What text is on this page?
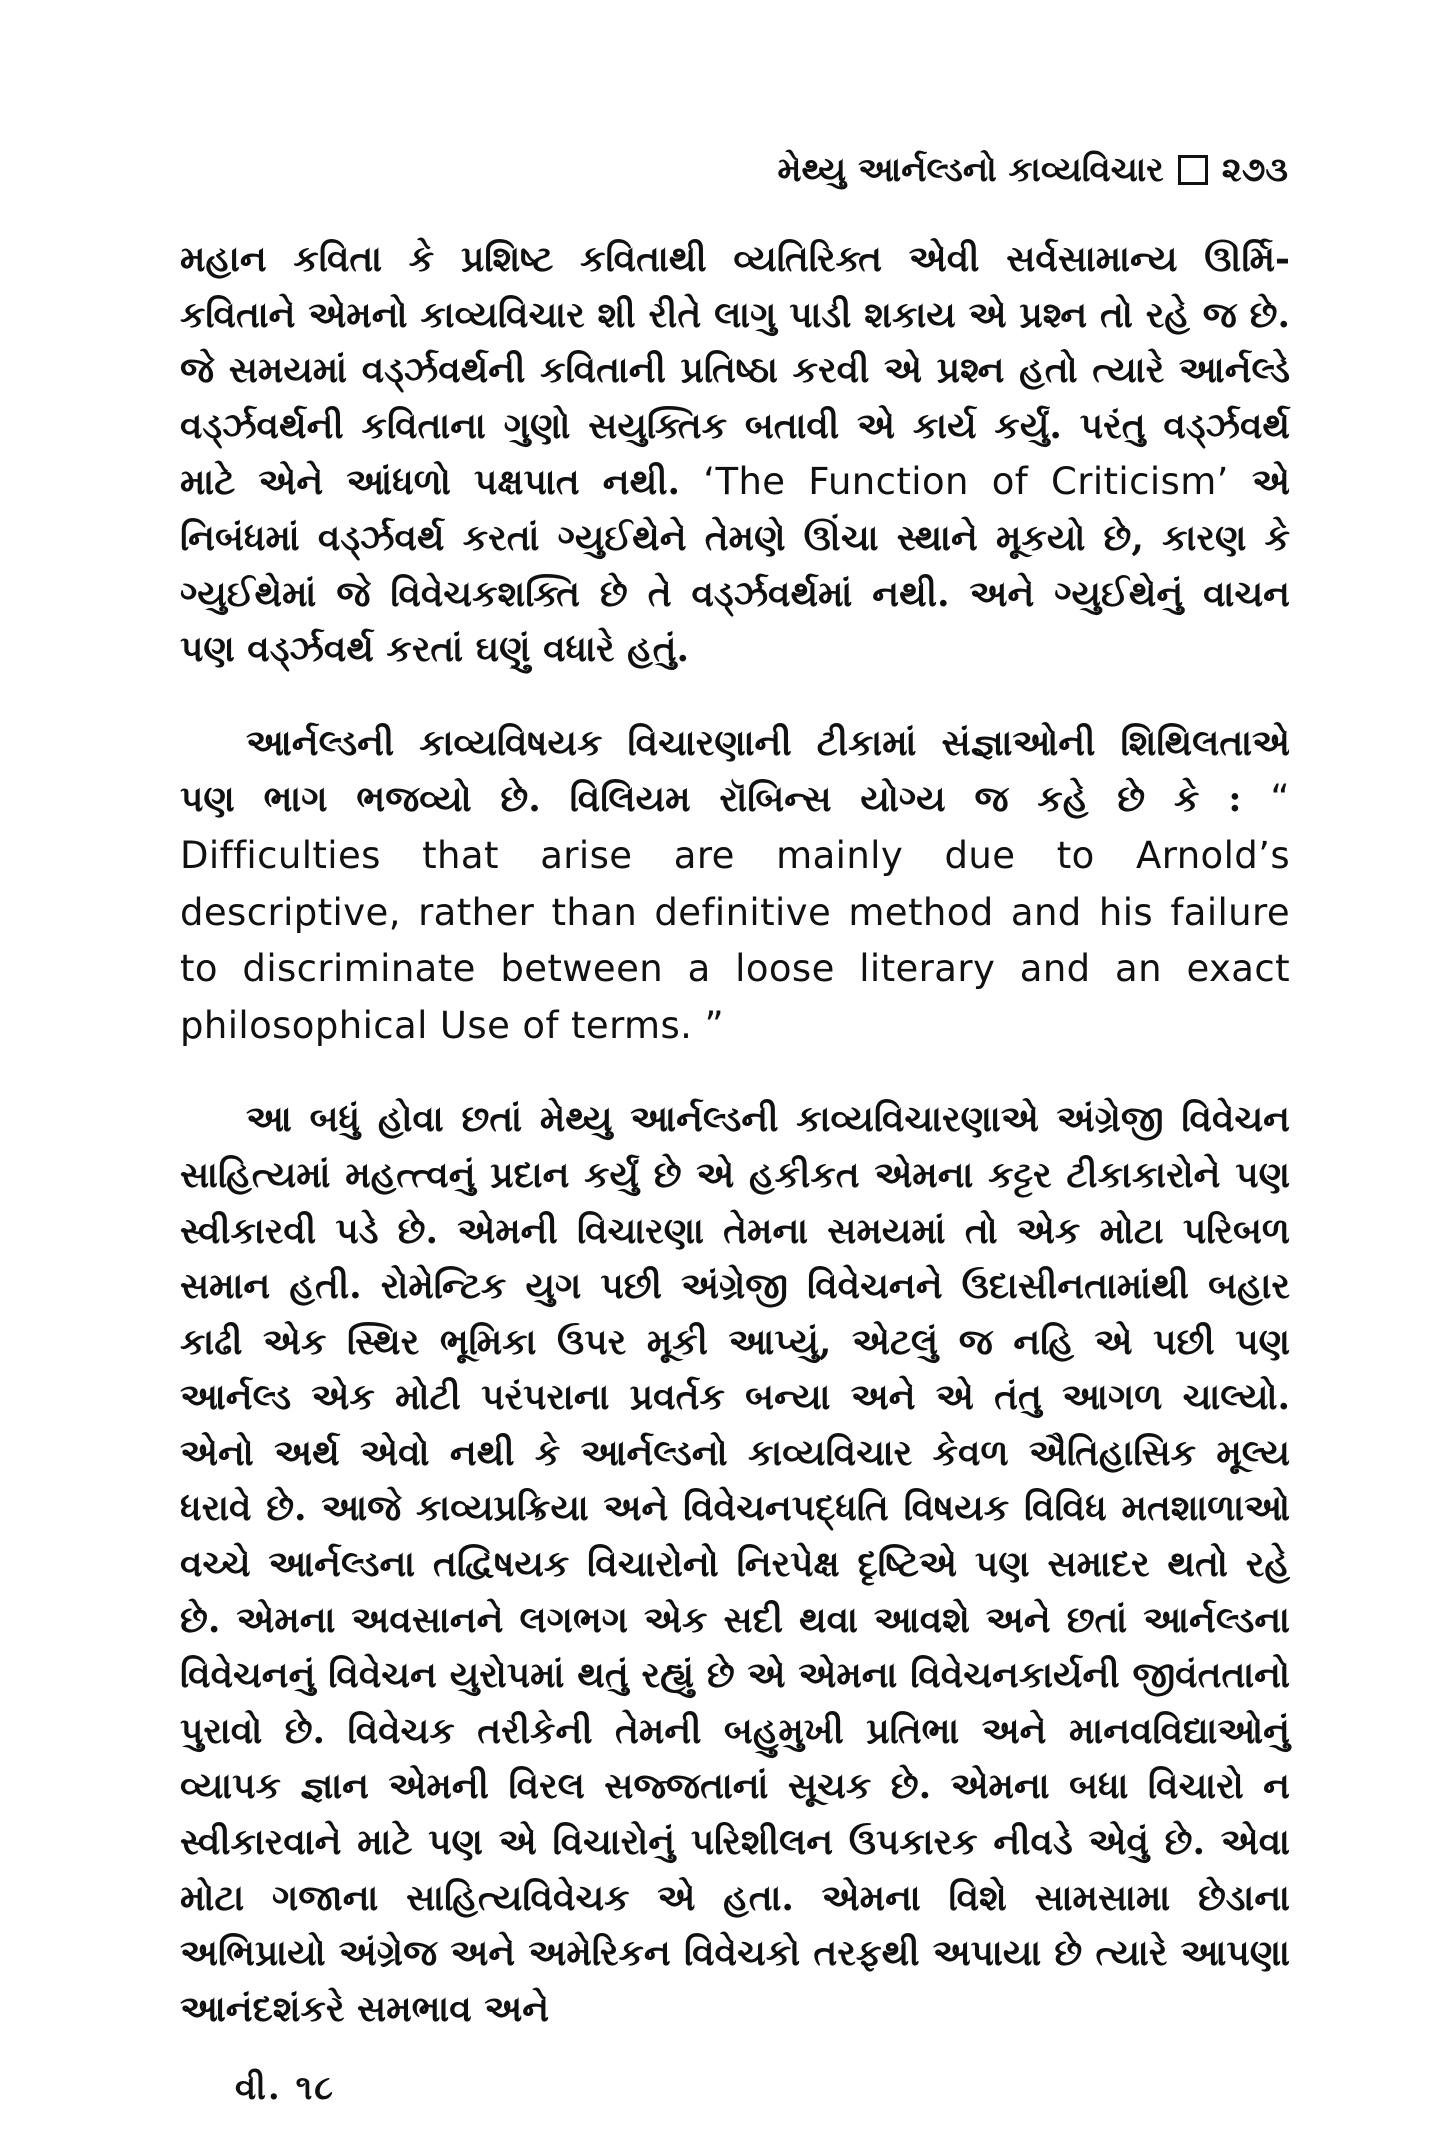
મેથ્યુ આર્નલ્ડનો કાવ્યવિચાર ૨૭૩

મહાન કવિતા કે પ્રશિષ્ટ કવિતાથી વ્યતિરિક્ત એવી સર્વસામાન્ય ઊર્મિ-કવિતાને એમનો કાવ્યવિચાર શી રીતે લાગુ પાડી શકાય એ પ્રશ્ન તો રહે જ છે. જે સમયમાં વર્ડ્ઝવર્થની કવિતાની પ્રતિષ્ઠા કરવી એ પ્રશ્ન હતો ત્યારે આર્નલ્ડે વર્ડ્ઝવર્થની કવિતાના ગુણો સયુક્તિક બતાવી એ કાર્ય કર્યું. પરંતુ વર્ડ્ઝવર્થ માટે એને આંધળો પક્ષપાત નથી. ‘The Function of Criticism’ એ નિબંધમાં વર્ડ્ઝવર્થ કરતાં ગ્યુઈથેને તેમણે ઊંચા સ્થાને મૂકયો છે, કારણ કે ગ્યુઈથેમાં જે વિવેચકશક્તિ છે તે વર્ડ્ઝવર્થમાં નથી. અને ગ્યુઈથેનું વાચન પણ વર્ડ્ઝવર્થ કરતાં ઘણું વધારે હતું.

આર્નલ્ડની કાવ્યવિષયક વિચારણાની ટીકામાં સંજ્ઞાઓની શિથિલતાએ પણ ભાગ ભજવ્યો છે. વિલિયમ રૉબિન્સ યોગ્ય જ કહે છે કે : “ Difficulties that arise are mainly due to Arnold’s descriptive, rather than definitive method and his failure to discriminate between a loose literary and an exact philosophical Use of terms. ”

આ બધું હોવા છતાં મેથ્યુ આર્નલ્ડની કાવ્યવિચારણાએ અંગ્રેજી વિવેચન સાહિત્યમાં મહત્ત્વનું પ્રદાન કર્યું છે એ હકીકત એમના કટ્ટર ટીકાકારોને પણ સ્વીકારવી પડે છે. એમની વિચારણા તેમના સમયમાં તો એક મોટા પરિબળ સમાન હતી. રોમેન્ટિક યુગ પછી અંગ્રેજી વિવેચનને ઉદાસીનતામાંથી બહાર કાઢી એક સ્થિર ભૂમિકા ઉપર મૂકી આપ્યું, એટલું જ નહિ એ પછી પણ આર્નલ્ડ એક મોટી પરંપરાના પ્રવર્તક બન્યા અને એ તંતુ આગળ ચાલ્યો. એનો અર્થ એવો નથી કે આર્નલ્ડનો કાવ્યવિચાર કેવળ ઐતિહાસિક મૂલ્ય ધરાવે છે. આજે કાવ્યપ્રક્રિયા અને વિવેચનપદ્ધતિ વિષયક વિવિધ મતશાળાઓ વચ્ચે આર્નલ્ડના તદ્વિષયક વિચારોનો નિરપેક્ષ દૃષ્ટિએ પણ સમાદર થતો રહે છે. એમના અવસાનને લગભગ એક સદી થવા આવશે અને છતાં આર્નલ્ડના વિવેચનનું વિવેચન યુરોપમાં થતું રહ્યું છે એ એમના વિવેચનકાર્યની જીવંતતાનો પુરાવો છે. વિવેચક તરીકેની તેમની બહુમુખી પ્રતિભા અને માનવવિદ્યાઓનું વ્યાપક જ્ઞાન એમની વિરલ સજ્જતાનાં સૂચક છે. એમના બધા વિચારો ન સ્વીકારવાને માટે પણ એ વિચારોનું પરિશીલન ઉપકારક નીવડે એવું છે. એવા મોટા ગજાના સાહિત્યવિવેચક એ હતા. એમના વિશે સામસામા છેડાના અભિપ્રાયો અંગ્રેજ અને અમેરિકન વિવેચકો તરફથી અપાયા છે ત્યારે આપણા આનંદશંકરે સમભાવ અને

વી. ૧૮
